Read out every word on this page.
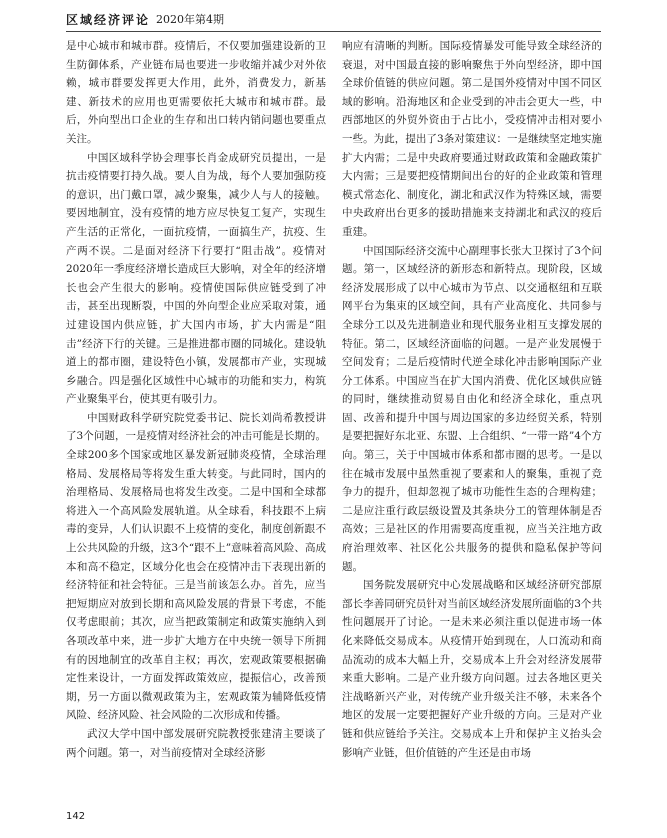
区域经济评论 2020年第4期

是中心城市和城市群。疫情后，不仅要加强建设新的卫生防御体系，产业链布局也要进一步收缩并减少对外依赖，城市群要发挥更大作用，此外，消费发力，新基建、新技术的应用也更需要依托大城市和城市群。最后，外向型出口企业的生存和出口转内销问题也要重点关注。

中国区域科学协会理事长肖金成研究员提出，一是抗击疫情要打持久战。要人自为战，每个人要加强防疫的意识，出门戴口罩，减少聚集，减少人与人的接触。要因地制宜，没有疫情的地方应尽快复工复产，实现生产生活的正常化，一面抗疫情，一面搞生产，抗疫、生产两不误。二是面对经济下行要打“阻击战”。疫情对2020年一季度经济增长造成巨大影响，对全年的经济增长也会产生很大的影响。疫情使国际供应链受到了冲击，甚至出现断裂，中国的外向型企业应采取对策，通过建设国内供应链，扩大国内市场，扩大内需是“阻击”经济下行的关键。三是推进都市圈的同城化。建设轨道上的都市圈，建设特色小镇，发展都市产业，实现城乡融合。四是强化区域性中心城市的功能和实力，构筑产业聚集平台，使其更有吸引力。

中国财政科学研究院党委书记、院长刘尚希教授讲了3个问题，一是疫情对经济社会的冲击可能是长期的。全球200多个国家或地区暴发新冠肺炎疫情，全球治理格局、发展格局等将发生重大转变。与此同时，国内的治理格局、发展格局也将发生改变。二是中国和全球都将进入一个高风险发展轨道。从全球看，科技跟不上病毒的变异，人们认识跟不上疫情的变化，制度创新跟不上公共风险的升级，这3个“跟不上”意味着高风险、高成本和高不稳定，区域分化也会在疫情冲击下表现出新的经济特征和社会特征。三是当前该怎么办。首先，应当把短期应对放到长期和高风险发展的背景下考虑，不能仅考虑眼前；其次，应当把政策制定和政策实施纳入到各项改革中来，进一步扩大地方在中央统一领导下所拥有的因地制宜的改革自主权；再次，宏观政策要根据确定性来设计，一方面发挥政策效应，提振信心，改善预期，另一方面以微观政策为主，宏观政策为辅降低疫情风险、经济风险、社会风险的二次形成和传播。

武汉大学中国中部发展研究院教授张建清主要谈了两个问题。第一，对当前疫情对全球经济影

响应有清晰的判断。国际疫情暴发可能导致全球经济的衰退，对中国最直接的影响聚焦于外向型经济，即中国全球价值链的供应问题。第二是国外疫情对中国不同区域的影响。沿海地区和企业受到的冲击会更大一些，中西部地区的外贸外资由于占比小，受疫情冲击相对要小一些。为此，提出了3条对策建议：一是继续坚定地实施扩大内需；二是中央政府要通过财政政策和金融政策扩大内需；三是要把疫情期间出台的好的企业政策和管理模式常态化、制度化，湖北和武汉作为特殊区域，需要中央政府出台更多的援助措施来支持湖北和武汉的疫后重建。

中国国际经济交流中心副理事长张大卫探讨了3个问题。第一，区域经济的新形态和新特点。现阶段，区域经济发展形成了以中心城市为节点、以交通枢纽和互联网平台为集束的区域空间，具有产业高度化、共同参与全球分工以及先进制造业和现代服务业相互支撑发展的特征。第二，区域经济面临的问题。一是产业发展慢于空间发育；二是后疫情时代逆全球化冲击影响国际产业分工体系。中国应当在扩大国内消费、优化区域供应链的同时，继续推动贸易自由化和经济全球化，重点巩固、改善和提升中国与周边国家的多边经贸关系，特别是要把握好东北亚、东盟、上合组织、“一带一路”4个方向。第三，关于中国城市体系和都市圈的思考。一是以往在城市发展中虽然重视了要素和人的聚集，重视了竞争力的提升，但却忽视了城市功能性生态的合理构建；二是应注重行政层级设置及其条块分工的管理体制是否高效；三是社区的作用需要高度重视，应当关注地方政府治理效率、社区化公共服务的提供和隐私保护等问题。

国务院发展研究中心发展战略和区域经济研究部原部长李善同研究员针对当前区域经济发展所面临的3个共性问题展开了讨论。一是未来必须注重以促进市场一体化来降低交易成本。从疫情开始到现在，人口流动和商品流动的成本大幅上升，交易成本上升会对经济发展带来重大影响。二是产业升级方向问题。过去各地区更关注战略新兴产业，对传统产业升级关注不够，未来各个地区的发展一定要把握好产业升级的方向。三是对产业链和供应链给予关注。交易成本上升和保护主义抬头会影响产业链，但价值链的产生还是由市场

142
